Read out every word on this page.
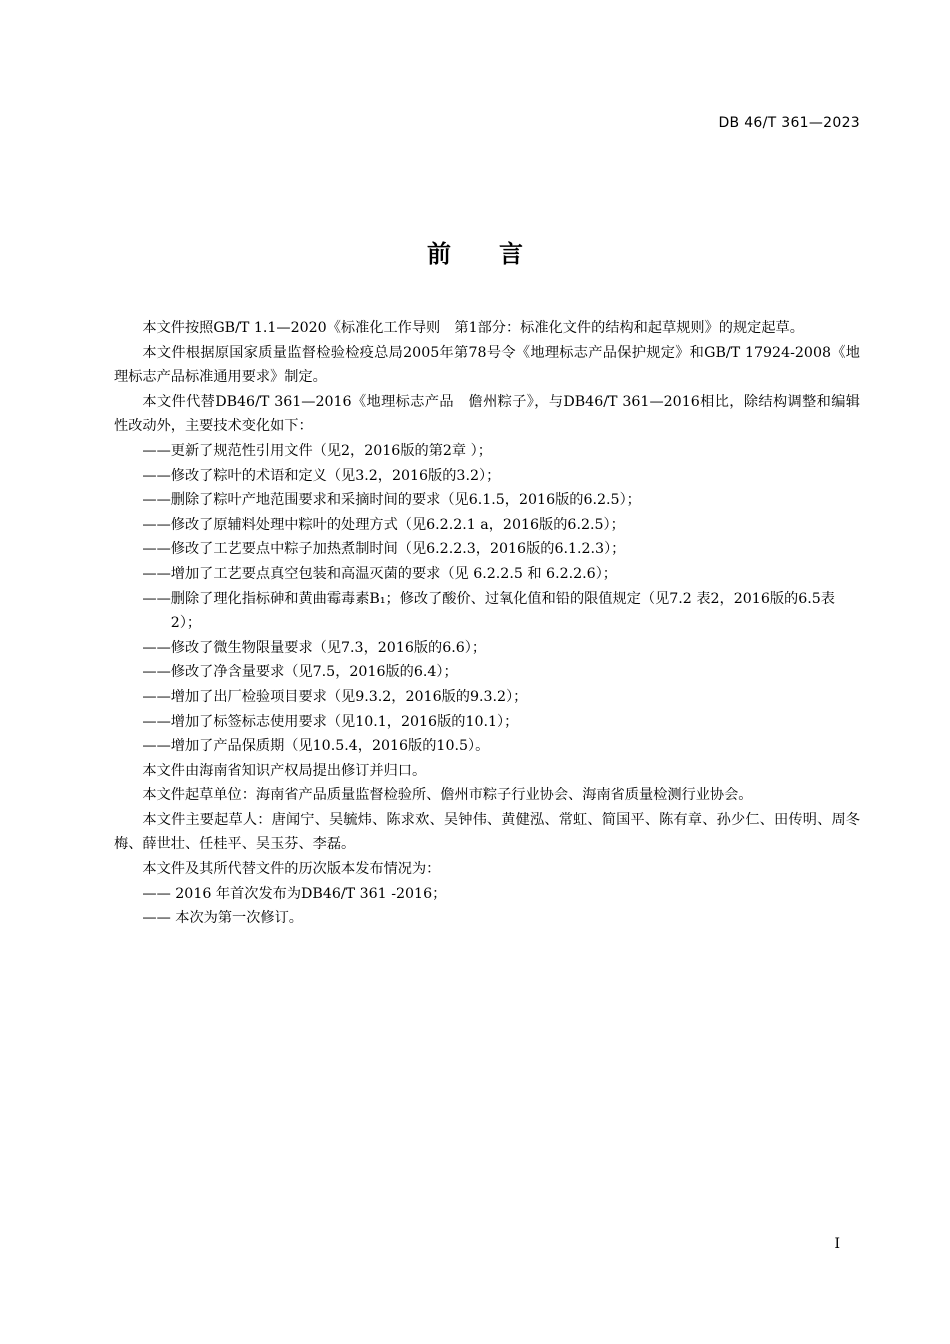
DB 46/T 361—2023
前言

本文件按照GB/T 1.1—2020《标准化工作导则　第1部分：标准化文件的结构和起草规则》的规定起草。

本文件根据原国家质量监督检验检疫总局2005年第78号令《地理标志产品保护规定》和GB/T 17924-2008《地理标志产品标准通用要求》制定。

本文件代替DB46/T 361—2016《地理标志产品　儋州粽子》，与DB46/T 361—2016相比，除结构调整和编辑性改动外，主要技术变化如下：

——更新了规范性引用文件（见2，2016版的第2章 ）；

——修改了粽叶的术语和定义（见3.2，2016版的3.2）；

——删除了粽叶产地范围要求和采摘时间的要求（见6.1.5，2016版的6.2.5）；

——修改了原辅料处理中粽叶的处理方式（见6.2.2.1 a，2016版的6.2.5）；

——修改了工艺要点中粽子加热煮制时间（见6.2.2.3，2016版的6.1.2.3）；

——增加了工艺要点真空包装和高温灭菌的要求（见 6.2.2.5 和 6.2.2.6）；

——删除了理化指标砷和黄曲霉毒素B₁；修改了酸价、过氧化值和铅的限值规定（见7.2 表2，2016版的6.5表2）；

——修改了微生物限量要求（见7.3，2016版的6.6）；

——修改了净含量要求（见7.5，2016版的6.4）；

——增加了出厂检验项目要求（见9.3.2，2016版的9.3.2）；

——增加了标签标志使用要求（见10.1，2016版的10.1）；

——增加了产品保质期（见10.5.4，2016版的10.5）。

本文件由海南省知识产权局提出修订并归口。

本文件起草单位：海南省产品质量监督检验所、儋州市粽子行业协会、海南省质量检测行业协会。

本文件主要起草人：唐闻宁、吴毓炜、陈求欢、吴钟伟、黄健泓、常虹、简国平、陈有章、孙少仁、田传明、周冬梅、薛世壮、任桂平、吴玉芬、李磊。

本文件及其所代替文件的历次版本发布情况为：

—— 2016 年首次发布为DB46/T 361 -2016；

—— 本次为第一次修订。

I
